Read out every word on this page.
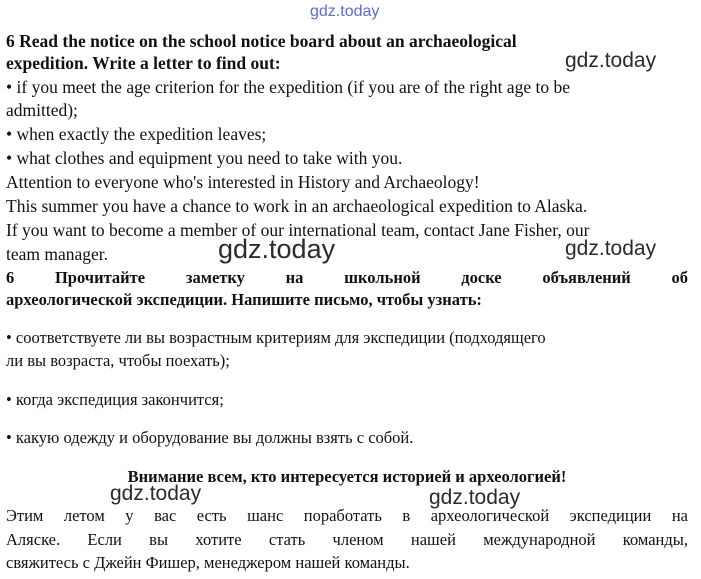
gdz.today
gdz.today
gdz.today	gdz.today
gdz.today	gdz.today
6 Read the notice on the school notice board about an archaeological
expedition. Write a letter to find out:
• if you meet the age criterion for the expedition (if you are of the right age to be
admitted);
• when exactly the expedition leaves;
• what clothes and equipment you need to take with you.
Attention to everyone who's interested in History and Archaeology!
This summer you have a chance to work in an archaeological expedition to Alaska.
If you want to become a member of our international team, contact Jane Fisher, our
team manager.
6 Прочитайте заметку на школьной доске объявлений об
археологической экспедиции. Напишите письмо, чтобы узнать:
• соответствуете ли вы возрастным критериям для экспедиции (подходящего
ли вы возраста, чтобы поехать);
• когда экспедиция закончится;
• какую одежду и оборудование вы должны взять с собой.
Внимание всем, кто интересуется историей и археологией!
Этим летом у вас есть шанс поработать в археологической экспедиции на
Аляске. Если вы хотите стать членом нашей международной команды,
свяжитесь с Джейн Фишер, менеджером нашей команды.
